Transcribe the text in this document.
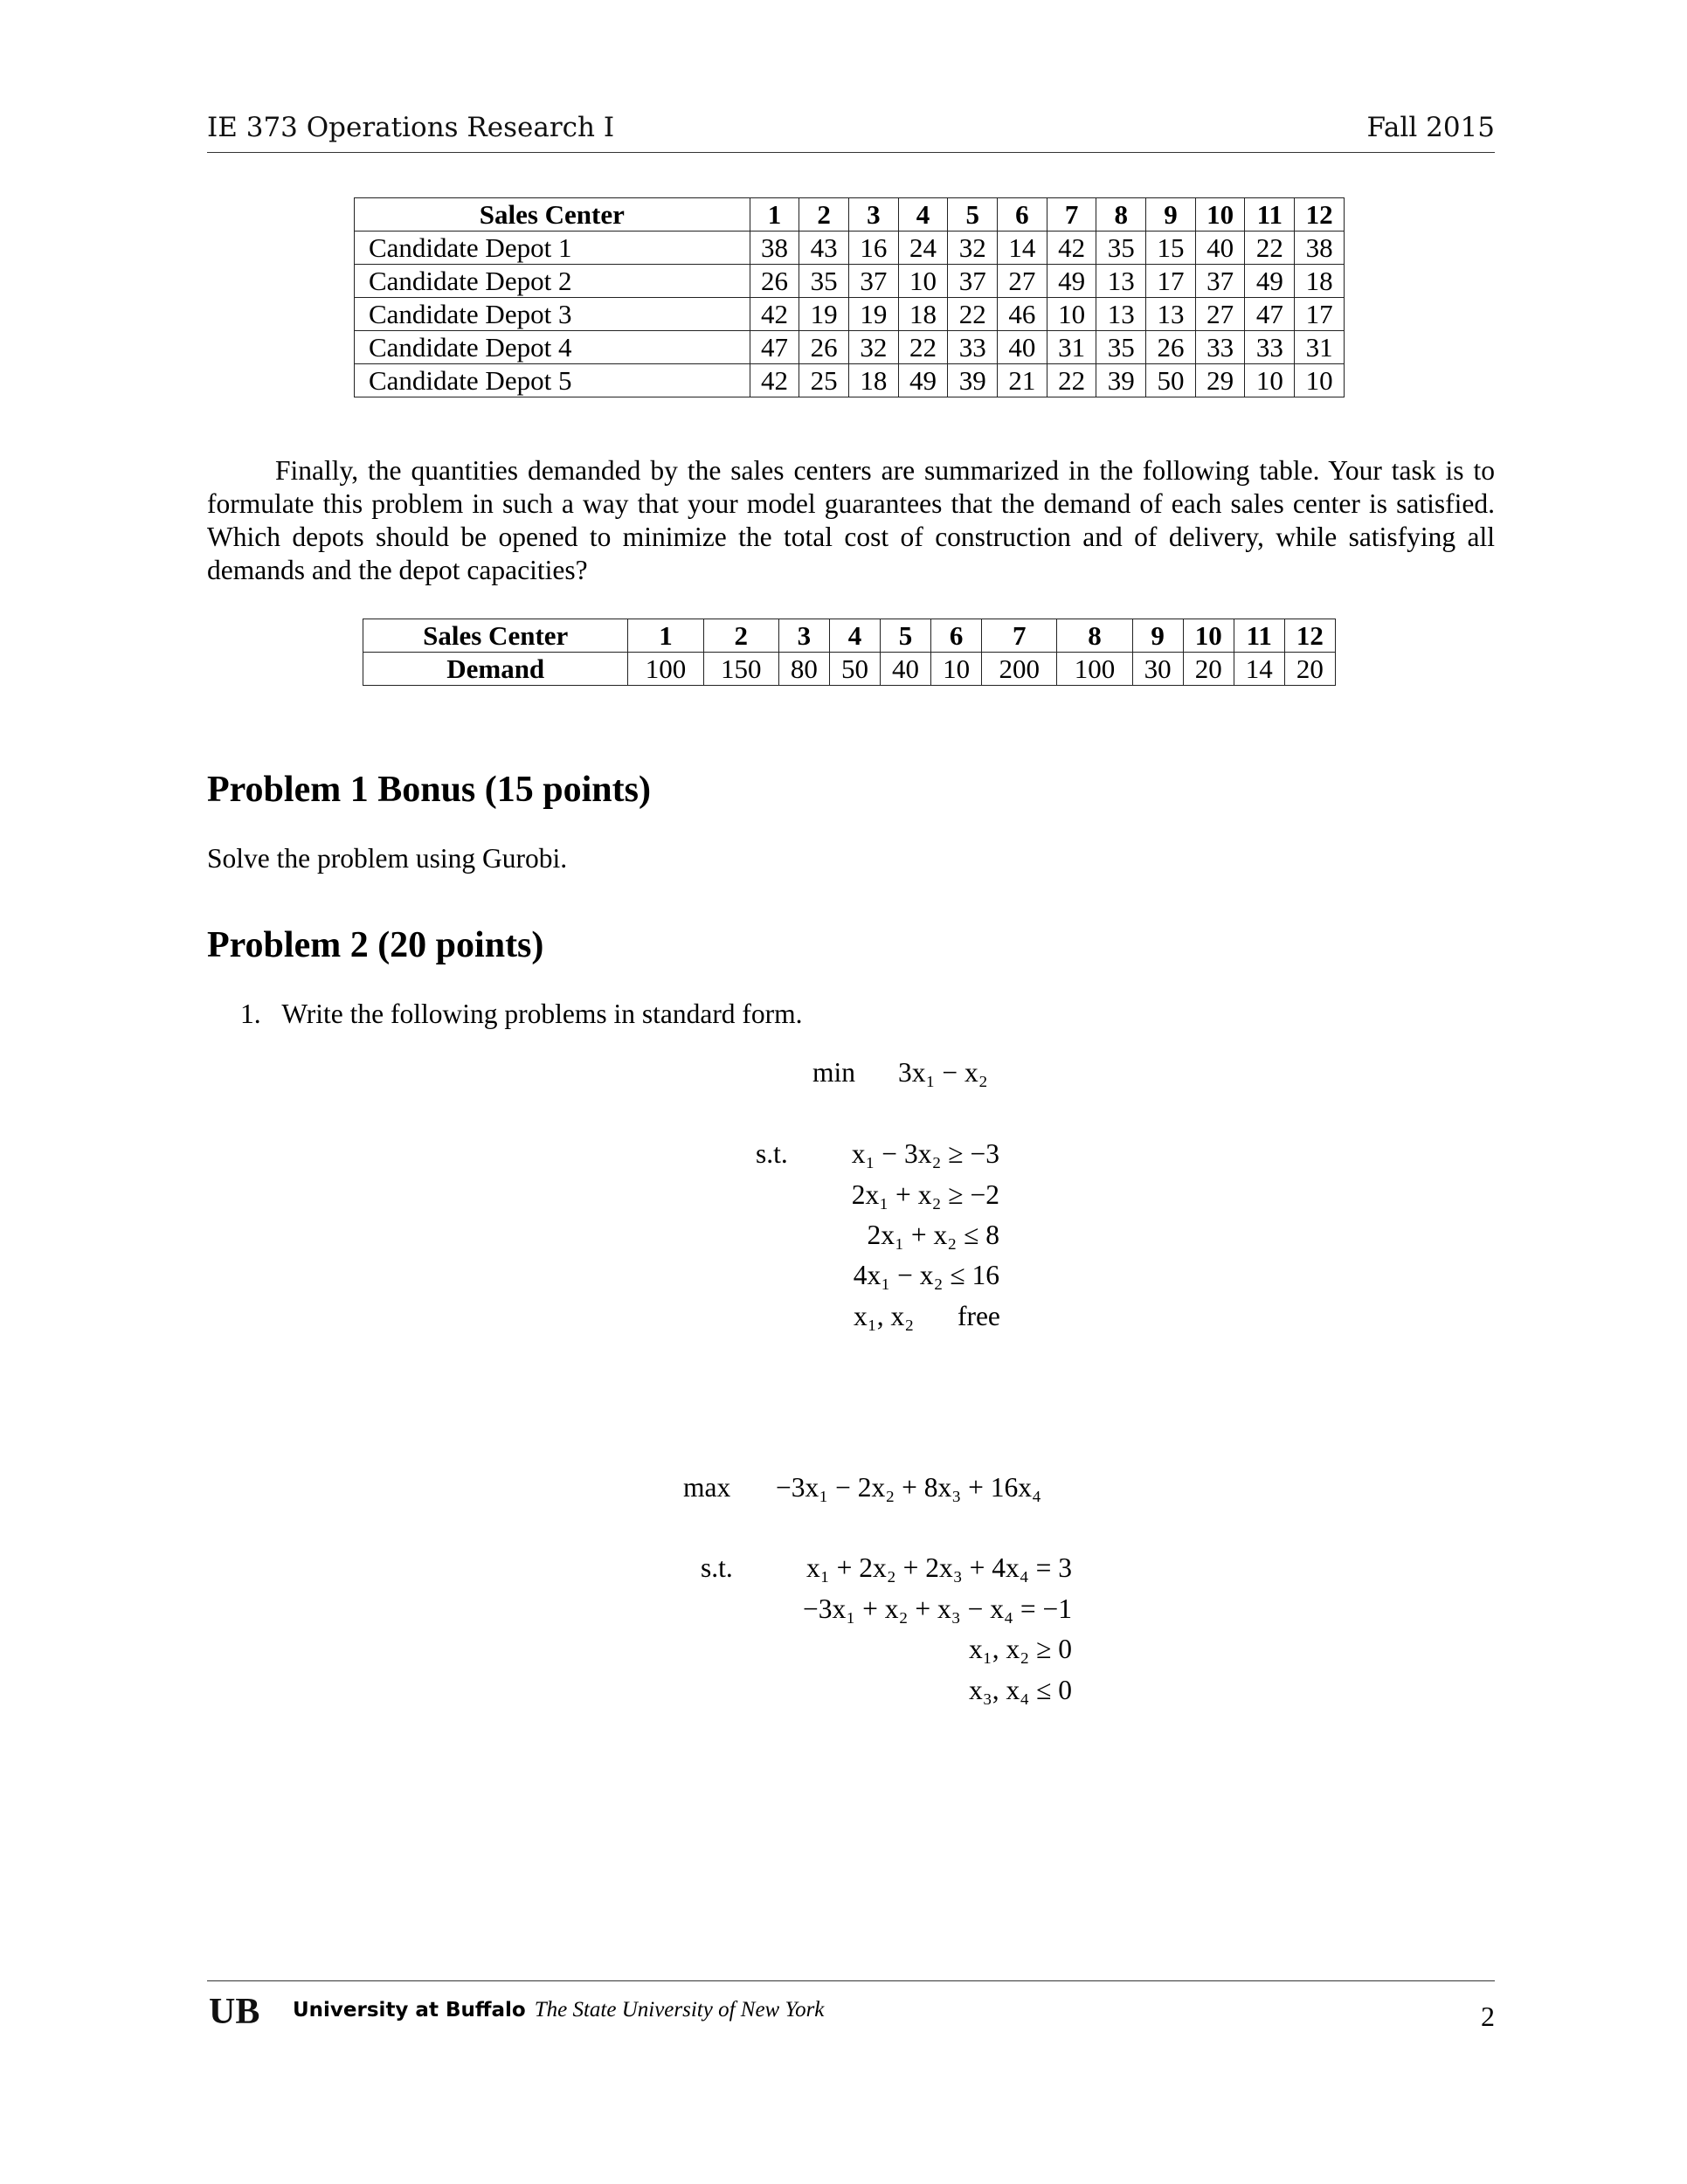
IE 373 Operations Research I	Fall 2015
Sales Center	1	2	3	4	5	6	7	8	9	10	11	12
Candidate Depot 1	38	43	16	24	32	14	42	35	15	40	22	38
Candidate Depot 2	26	35	37	10	37	27	49	13	17	37	49	18
Candidate Depot 3	42	19	19	18	22	46	10	13	13	27	47	17
Candidate Depot 4	47	26	32	22	33	40	31	35	26	33	33	31
Candidate Depot 5	42	25	18	49	39	21	22	39	50	29	10	10

Finally, the quantities demanded by the sales centers are summarized in the following table. Your task is to formulate this problem in such a way that your model guarantees that the demand of each sales center is satisfied. Which depots should be opened to minimize the total cost of construction and of delivery, while satisfying all demands and the depot capacities?

Sales Center	1	2	3	4	5	6	7	8	9	10	11	12
Demand	100	150	80	50	40	10	200	100	30	20	14	20
Problem 1 Bonus (15 points)
Solve the problem using Gurobi.
Problem 2 (20 points)
1. Write the following problems in standard form.
min 3x₁ − x₂
s.t. x₁ − 3x₂ ≥ −3
2x₁ + x₂ ≥ −2
2x₁ + x₂ ≤ 8
4x₁ − x₂ ≤ 16
x₁, x₂ free
max −3x₁ − 2x₂ + 8x₃ + 16x₄
s.t.	x₁ + 2x₂ + 2x₃ + 4x₄ = 3
−3x₁ + x₂ + x₃ − x₄ = −1
x₁, x₂ ≥ 0
x₃, x₄ ≤ 0
UB University at Buffalo The State University of New York	2
